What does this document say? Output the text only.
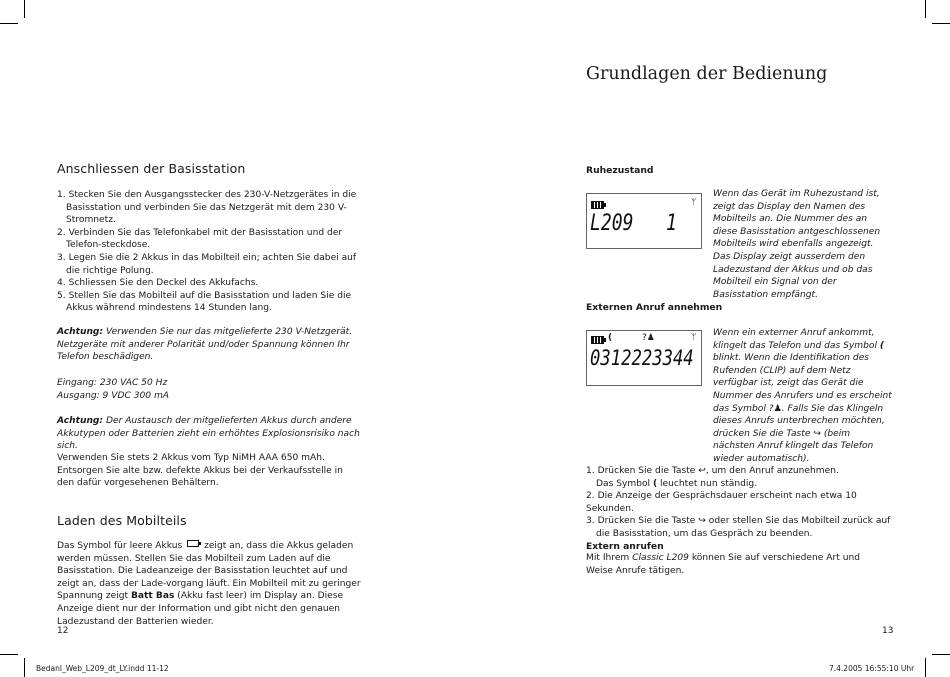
Anschliessen der Basisstation
1. Stecken Sie den Ausgangsstecker des 230-V-Netzgerätes in die Basisstation und verbinden Sie das Netzgerät mit dem 230 V-Stromnetz.
2. Verbinden Sie das Telefonkabel mit der Basisstation und der Telefon-steckdose.
3. Legen Sie die 2 Akkus in das Mobilteil ein; achten Sie dabei auf die richtige Polung.
4. Schliessen Sie den Deckel des Akkufachs.
5. Stellen Sie das Mobilteil auf die Basisstation und laden Sie die Akkus während mindestens 14 Stunden lang.

Achtung: Verwenden Sie nur das mitgelieferte 230 V-Netzgerät. Netzgeräte mit anderer Polarität und/oder Spannung können Ihr Telefon beschädigen.

Eingang: 230 VAC 50 Hz
Ausgang: 9 VDC 300 mA

Achtung: Der Austausch der mitgelieferten Akkus durch andere Akkutypen oder Batterien zieht ein erhöhtes Explosionsrisiko nach sich.

Verwenden Sie stets 2 Akkus vom Typ NiMH AAA 650 mAh. Entsorgen Sie alte bzw. defekte Akkus bei der Verkaufsstelle in den dafür vorgesehenen Behältern.

Laden des Mobilteils

Das Symbol für leere Akkus  zeigt an, dass die Akkus geladen werden müssen. Stellen Sie das Mobilteil zum Laden auf die Basisstation. Die Ladeanzeige der Basisstation leuchtet auf und zeigt an, dass der Lade-vorgang läuft. Ein Mobilteil mit zu geringer Spannung zeigt Batt Bas (Akku fast leer) im Display an. Diese Anzeige dient nur der Information und gibt nicht den genauen Ladezustand der Batterien wieder.

12
Grundlagen der Bedienung
Ruhezustand
ᛘ
L209   1

Wenn das Gerät im Ruhezustand ist, zeigt das Display den Namen des Mobilteils an. Die Nummer des an diese Basisstation antgeschlossenen Mobilteils wird ebenfalls angezeigt. Das Display zeigt ausserdem den Ladezustand der Akkus und ob das Mobilteil ein Signal von der Basisstation empfängt.

Externen Anruf annehmen
(	?♟	ᛘ
0312223344

Wenn ein externer Anruf ankommt, klingelt das Telefon und das Symbol ( blinkt. Wenn die Identifikation des Rufenden (CLIP) auf dem Netz verfügbar ist, zeigt das Gerät die Nummer des Anrufers und es erscheint das Symbol ?♟. Falls Sie das Klingeln dieses Anrufs unterbrechen möchten, drücken Sie die Taste ↪ (beim nächsten Anruf klingelt das Telefon wieder automatisch).

1. Drücken Sie die Taste ↩, um den Anruf anzunehmen.

Das Symbol ( leuchtet nun ständig.

2. Die Anzeige der Gesprächsdauer erscheint nach etwa 10 Sekunden.

3. Drücken Sie die Taste ↪ oder stellen Sie das Mobilteil zurück auf die Basisstation, um das Gespräch zu beenden.

Extern anrufen

Mit Ihrem Classic L209 können Sie auf verschiedene Art und Weise Anrufe tätigen.

13
Bedanl_Web_L209_dt_LY.indd 11-12	7.4.2005 16:55:10 Uhr
